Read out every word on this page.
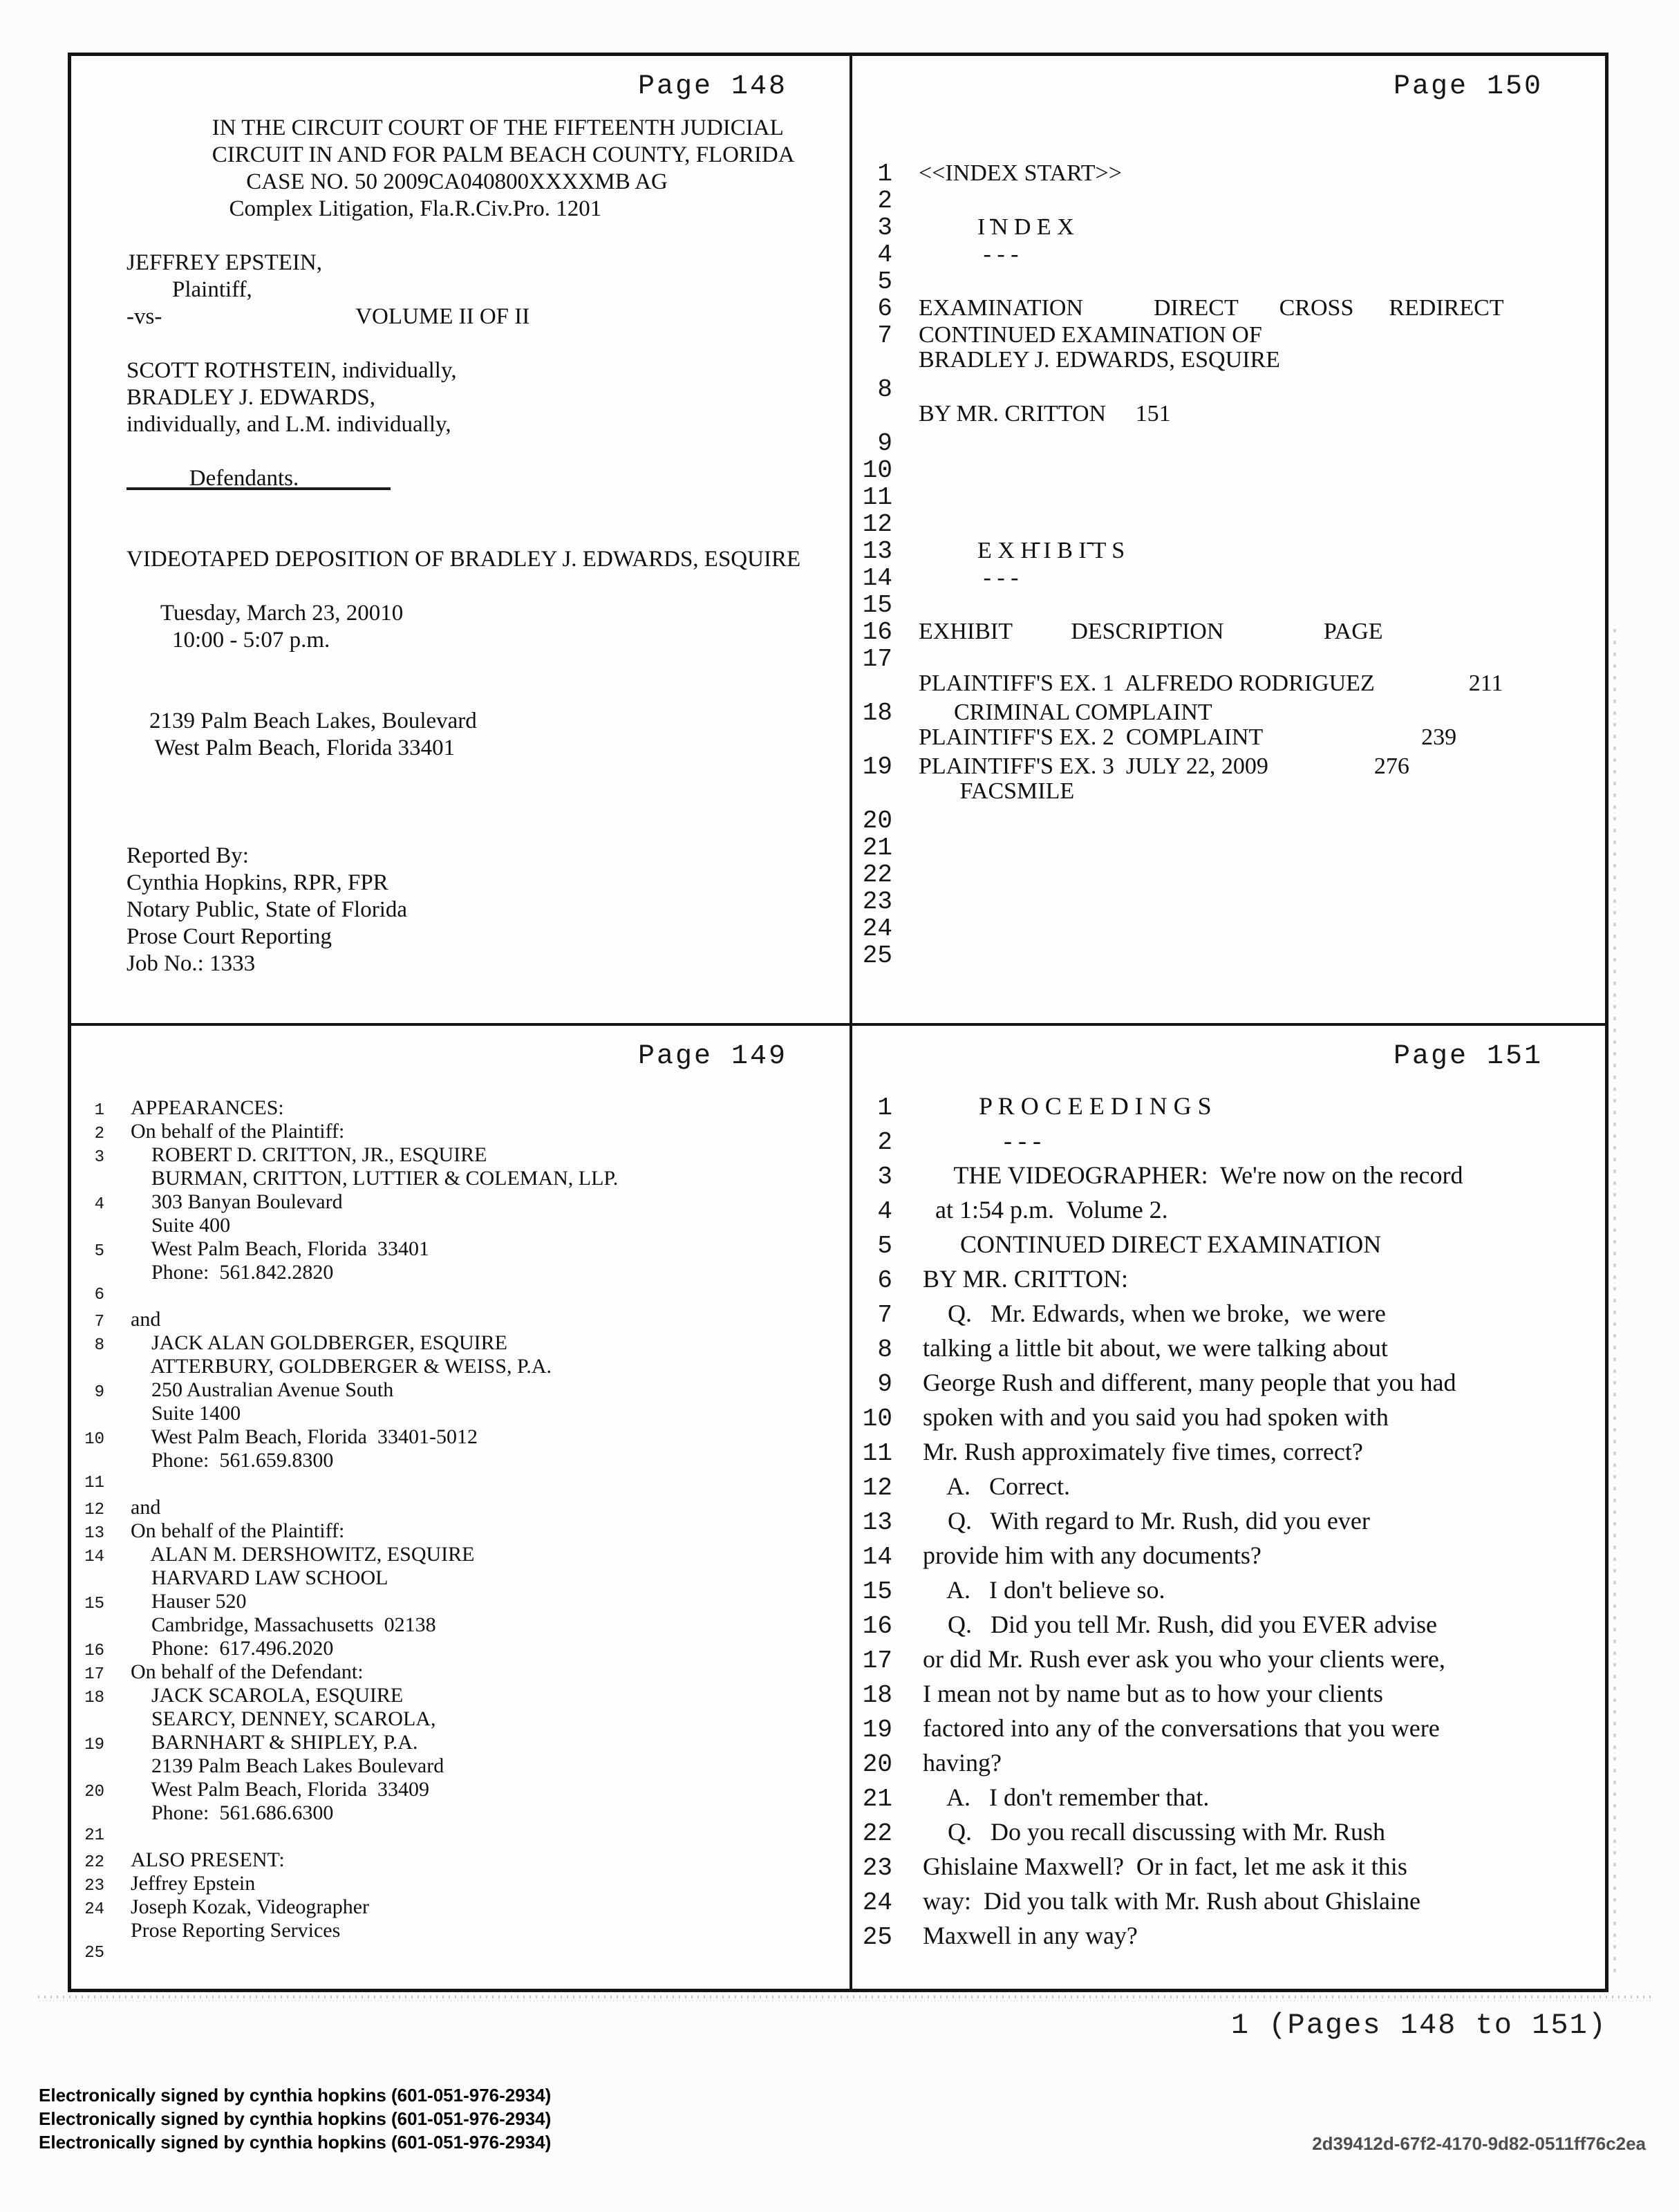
Page 148
IN THE CIRCUIT COURT OF THE FIFTEENTH JUDICIAL
CIRCUIT IN AND FOR PALM BEACH COUNTY, FLORIDA
CASE NO. 50 2009CA040800XXXXMB AG
Complex Litigation, Fla.R.Civ.Pro. 1201
JEFFREY EPSTEIN,
Plaintiff,
-vs-                                  VOLUME II OF II
SCOTT ROTHSTEIN, individually,
BRADLEY J. EDWARDS,
individually, and L.M. individually,
Defendants.
VIDEOTAPED DEPOSITION OF BRADLEY J. EDWARDS, ESQUIRE
Tuesday, March 23, 20010
10:00 - 5:07 p.m.
2139 Palm Beach Lakes, Boulevard
West Palm Beach, Florida 33401
Reported By:
Cynthia Hopkins, RPR, FPR
Notary Public, State of Florida
Prose Court Reporting
Job No.: 1333
Page 150
1 <<INDEX START>>
2
3 - - -           I N D E X
4 - - -
5
6 EXAMINATION            DIRECT       CROSS      REDIRECT
7 CONTINUED EXAMINATION OF
BRADLEY J. EDWARDS, ESQUIRE
8
BY MR. CRITTON     151
9
10
11
12
13 - - -           E X H I B I T S
14 - - -
15
16 EXHIBIT          DESCRIPTION                 PAGE
17
PLAINTIFF'S EX. 1  ALFREDO RODRIGUEZ                211
18 CRIMINAL COMPLAINT
PLAINTIFF'S EX. 2  COMPLAINT                           239
19 PLAINTIFF'S EX. 3  JULY 22, 2009                  276
FACSMILE
20
21
22
23
24
25
Page 149
1 APPEARANCES:
2 On behalf of the Plaintiff:
3 ROBERT D. CRITTON, JR., ESQUIRE
BURMAN, CRITTON, LUTTIER & COLEMAN, LLP.
4 303 Banyan Boulevard
Suite 400
5 West Palm Beach, Florida  33401
Phone:  561.842.2820
6
7 and
8 JACK ALAN GOLDBERGER, ESQUIRE
ATTERBURY, GOLDBERGER & WEISS, P.A.
9 250 Australian Avenue South
Suite 1400
10 West Palm Beach, Florida  33401-5012
Phone:  561.659.8300
11
12 and
13 On behalf of the Plaintiff:
14 ALAN M. DERSHOWITZ, ESQUIRE
HARVARD LAW SCHOOL
15 Hauser 520
Cambridge, Massachusetts  02138
16 Phone:  617.496.2020
17 On behalf of the Defendant:
18 JACK SCAROLA, ESQUIRE
SEARCY, DENNEY, SCAROLA,
19 BARNHART & SHIPLEY, P.A.
2139 Palm Beach Lakes Boulevard
20 West Palm Beach, Florida  33409
Phone:  561.686.6300
21
22 ALSO PRESENT:
23 Jeffrey Epstein
24 Joseph Kozak, Videographer
Prose Reporting Services
25
Page 151
1 P R O C E E D I N G S
2 - - -
3 THE VIDEOGRAPHER:  We're now on the record
4 at 1:54 p.m.  Volume 2.
5 CONTINUED DIRECT EXAMINATION
6 BY MR. CRITTON:
7 Q.   Mr. Edwards, when we broke,  we were
8 talking a little bit about, we were talking about
9 George Rush and different, many people that you had
10 spoken with and you said you had spoken with
11 Mr. Rush approximately five times, correct?
12 A.   Correct.
13 Q.   With regard to Mr. Rush, did you ever
14 provide him with any documents?
15 A.   I don't believe so.
16 Q.   Did you tell Mr. Rush, did you EVER advise
17 or did Mr. Rush ever ask you who your clients were,
18 I mean not by name but as to how your clients
19 factored into any of the conversations that you were
20 having?
21 A.   I don't remember that.
22 Q.   Do you recall discussing with Mr. Rush
23 Ghislaine Maxwell?  Or in fact, let me ask it this
24 way:  Did you talk with Mr. Rush about Ghislaine
25 Maxwell in any way?
1 (Pages 148 to 151)
Electronically signed by cynthia hopkins (601-051-976-2934)
Electronically signed by cynthia hopkins (601-051-976-2934)
Electronically signed by cynthia hopkins (601-051-976-2934)	2d39412d-67f2-4170-9d82-0511ff76c2ea
